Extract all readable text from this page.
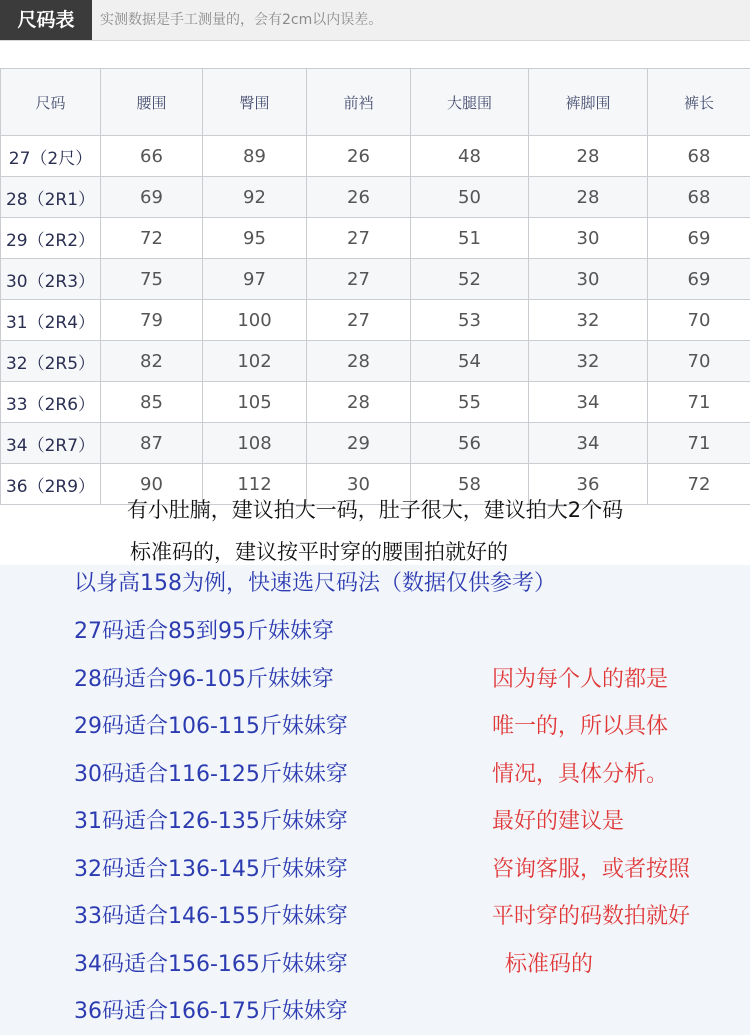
尺码表	实测数据是手工测量的，会有2cm以内误差。
尺码	腰围	臀围	前裆	大腿围	裤脚围	裤长
27（2尺）	66	89	26	48	28	68
28（2R1）	69	92	26	50	28	68
29（2R2）	72	95	27	51	30	69
30（2R3）	75	97	27	52	30	69
31（2R4）	79	100	27	53	32	70
32（2R5）	82	102	28	54	32	70
33（2R6）	85	105	28	55	34	71
34（2R7）	87	108	29	56	34	71
36（2R9）	90	112	30	58	36	72
有小肚腩，建议拍大一码，肚子很大，建议拍大2个码
标准码的，建议按平时穿的腰围拍就好的
以身高158为例，快速选尺码法（数据仅供参考）
27码适合85到95斤妹妹穿
28码适合96-105斤妹妹穿
29码适合106-115斤妹妹穿
30码适合116-125斤妹妹穿
31码适合126-135斤妹妹穿
32码适合136-145斤妹妹穿
33码适合146-155斤妹妹穿
34码适合156-165斤妹妹穿
36码适合166-175斤妹妹穿
因为每个人的都是
唯一的，所以具体
情况，具体分析。
最好的建议是
咨询客服，或者按照
平时穿的码数拍就好
标准码的
